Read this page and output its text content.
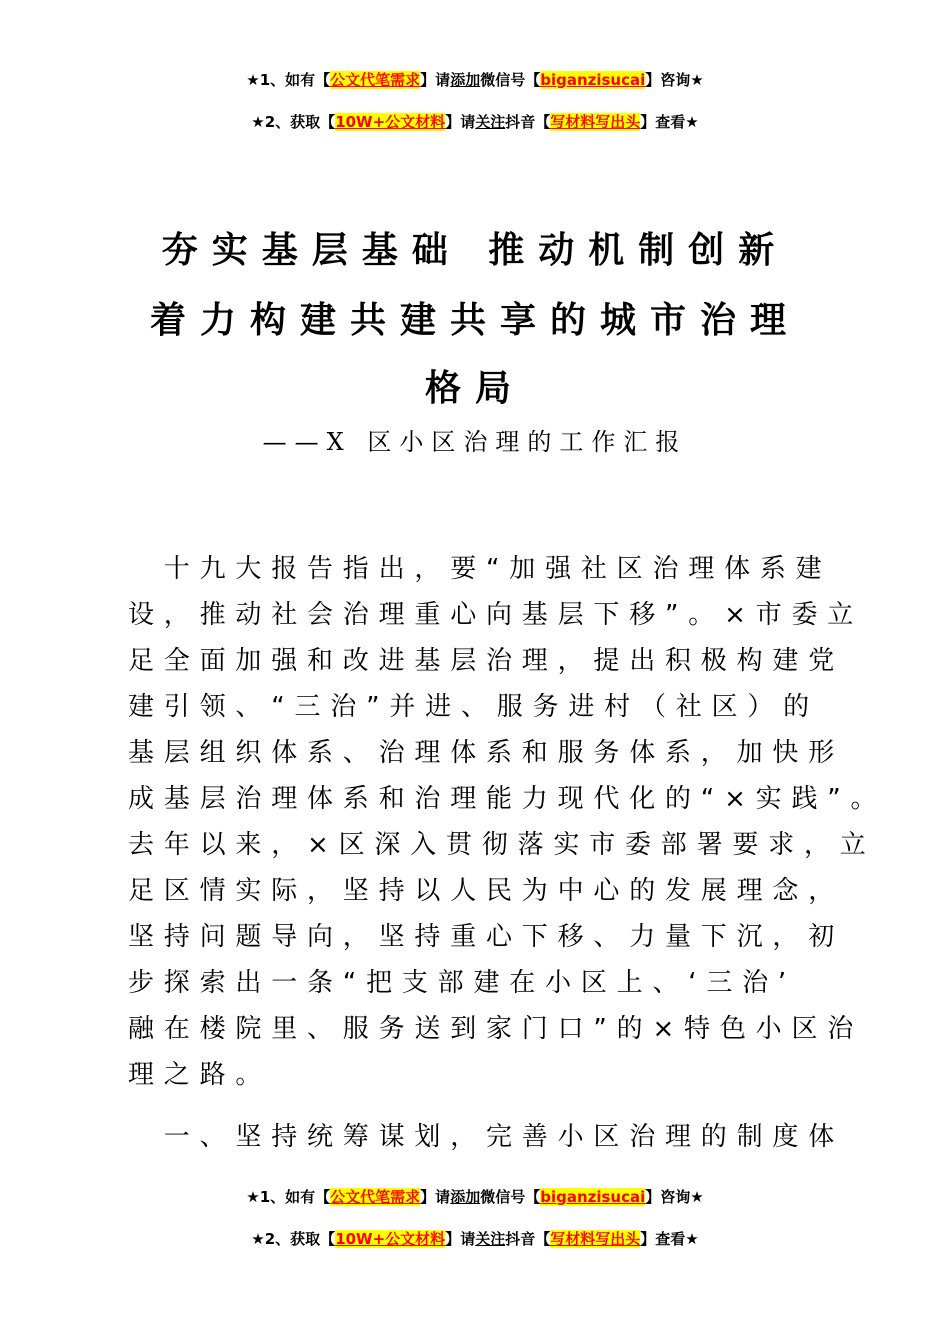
★1、如有【公文代笔需求】请添加微信号【biganzisucai】咨询★
★2、获取【10W+公文材料】请关注抖音【写材料写出头】查看★
夯实基层基础 推动机制创新
着力构建共建共享的城市治理
格局
——X 区小区治理的工作汇报
　十九大报告指出，要“加强社区治理体系建
设，推动社会治理重心向基层下移”。×市委立
足全面加强和改进基层治理，提出积极构建党
建引领、“三治”并进、服务进村（社区）的
基层组织体系、治理体系和服务体系，加快形
成基层治理体系和治理能力现代化的“×实践”。
去年以来，×区深入贯彻落实市委部署要求，立
足区情实际，坚持以人民为中心的发展理念，
坚持问题导向，坚持重心下移、力量下沉，初
步探索出一条“把支部建在小区上、‘三治’
融在楼院里、服务送到家门口”的×特色小区治
理之路。
　一、坚持统筹谋划，完善小区治理的制度体
★1、如有【公文代笔需求】请添加微信号【biganzisucai】咨询★
★2、获取【10W+公文材料】请关注抖音【写材料写出头】查看★
